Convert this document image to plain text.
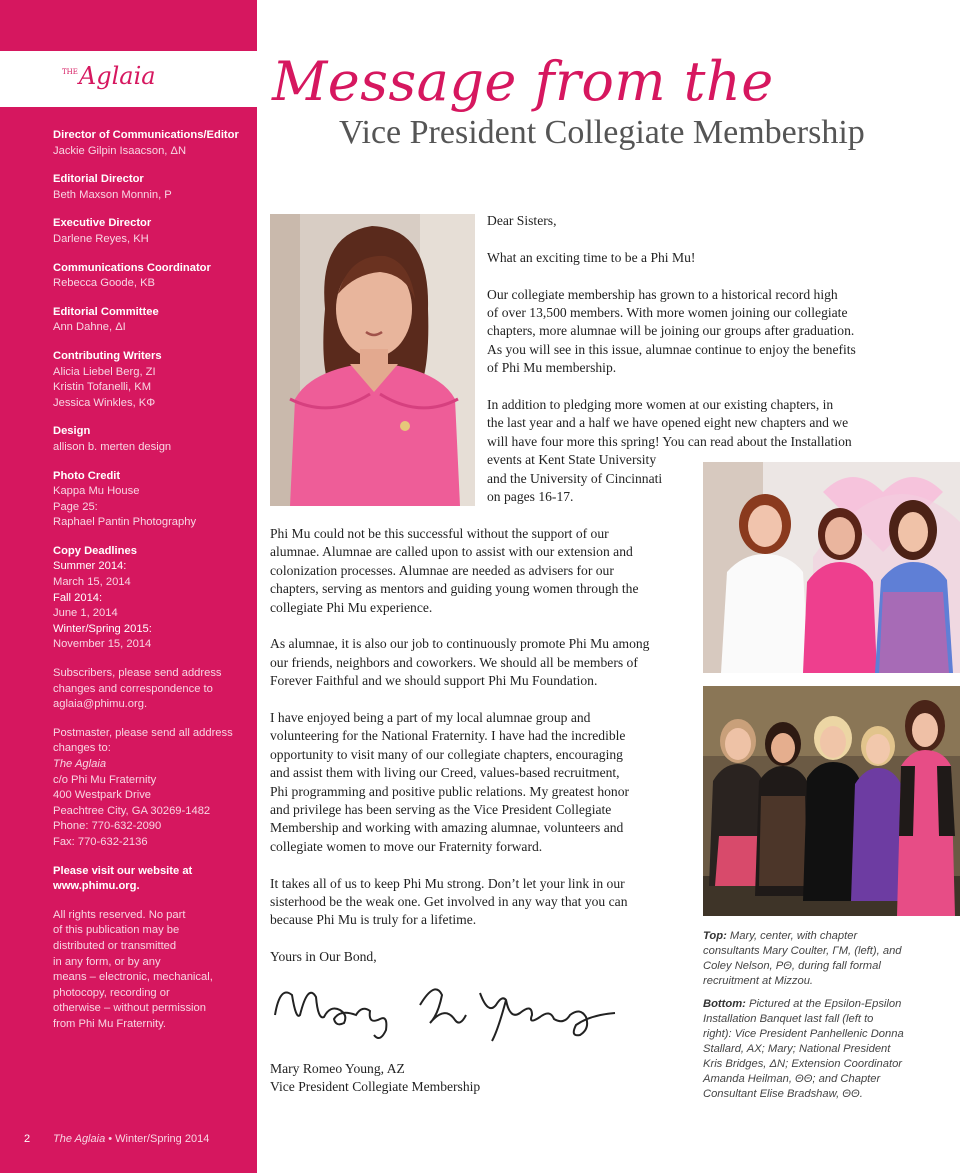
$^{THE}$Aglaia
Director of Communications/Editor
Jackie Gilpin Isaacson, ΔN
Editorial Director
Beth Maxson Monnin, P
Executive Director
Darlene Reyes, KH
Communications Coordinator
Rebecca Goode, KB
Editorial Committee
Ann Dahne, ΔI
Contributing Writers
Alicia Liebel Berg, ZI
Kristin Tofanelli, KM
Jessica Winkles, KΦ
Design
allison b. merten design
Photo Credit
Kappa Mu House
Page 25:
Raphael Pantin Photography
Copy Deadlines
Summer 2014:
March 15, 2014
Fall 2014:
June 1, 2014
Winter/Spring 2015:
November 15, 2014
Subscribers, please send address
changes and correspondence to
aglaia@phimu.org.
Postmaster, please send all address
changes to:
The Aglaia
c/o Phi Mu Fraternity
400 Westpark Drive
Peachtree City, GA 30269-1482
Phone: 770-632-2090
Fax: 770-632-2136
Please visit our website at
www.phimu.org.
All rights reserved. No part
of this publication may be
distributed or transmitted
in any form, or by any
means – electronic, mechanical,
photocopy, recording or
otherwise – without permission
from Phi Mu Fraternity.
2 The Aglaia • Winter/Spring 2014
Message from the
Vice President Collegiate Membership

Dear Sisters,

What an exciting time to be a Phi Mu!

Our collegiate membership has grown to a historical record high
of over 13,500 members. With more women joining our collegiate
chapters, more alumnae will be joining our groups after graduation.
As you will see in this issue, alumnae continue to enjoy the benefits
of Phi Mu membership.

In addition to pledging more women at our existing chapters, in
the last year and a half we have opened eight new chapters and we
will have four more this spring! You can read about the Installation
events at Kent State University
and the University of Cincinnati
on pages 16-17.

Phi Mu could not be this successful without the support of our
alumnae. Alumnae are called upon to assist with our extension and
colonization processes. Alumnae are needed as advisers for our
chapters, serving as mentors and guiding young women through the
collegiate Phi Mu experience.

As alumnae, it is also our job to continuously promote Phi Mu among
our friends, neighbors and coworkers. We should all be members of
Forever Faithful and we should support Phi Mu Foundation.

I have enjoyed being a part of my local alumnae group and
volunteering for the National Fraternity. I have had the incredible
opportunity to visit many of our collegiate chapters, encouraging
and assist them with living our Creed, values-based recruitment,
Phi programming and positive public relations. My greatest honor
and privilege has been serving as the Vice President Collegiate
Membership and working with amazing alumnae, volunteers and
collegiate women to move our Fraternity forward.

It takes all of us to keep Phi Mu strong. Don’t let your link in our
sisterhood be the weak one. Get involved in any way that you can
because Phi Mu is truly for a lifetime.

Yours in Our Bond,

Mary Romeo Young, AZ
Vice President Collegiate Membership
Top: Mary, center, with chapter
consultants Mary Coulter, ΓM, (left), and
Coley Nelson, PΘ, during fall formal
recruitment at Mizzou.
Bottom: Pictured at the Epsilon-Epsilon
Installation Banquet last fall (left to
right): Vice President Panhellenic Donna
Stallard, AX; Mary; National President
Kris Bridges, ΔN; Extension Coordinator
Amanda Heilman, ΘΘ; and Chapter
Consultant Elise Bradshaw, ΘΘ.
